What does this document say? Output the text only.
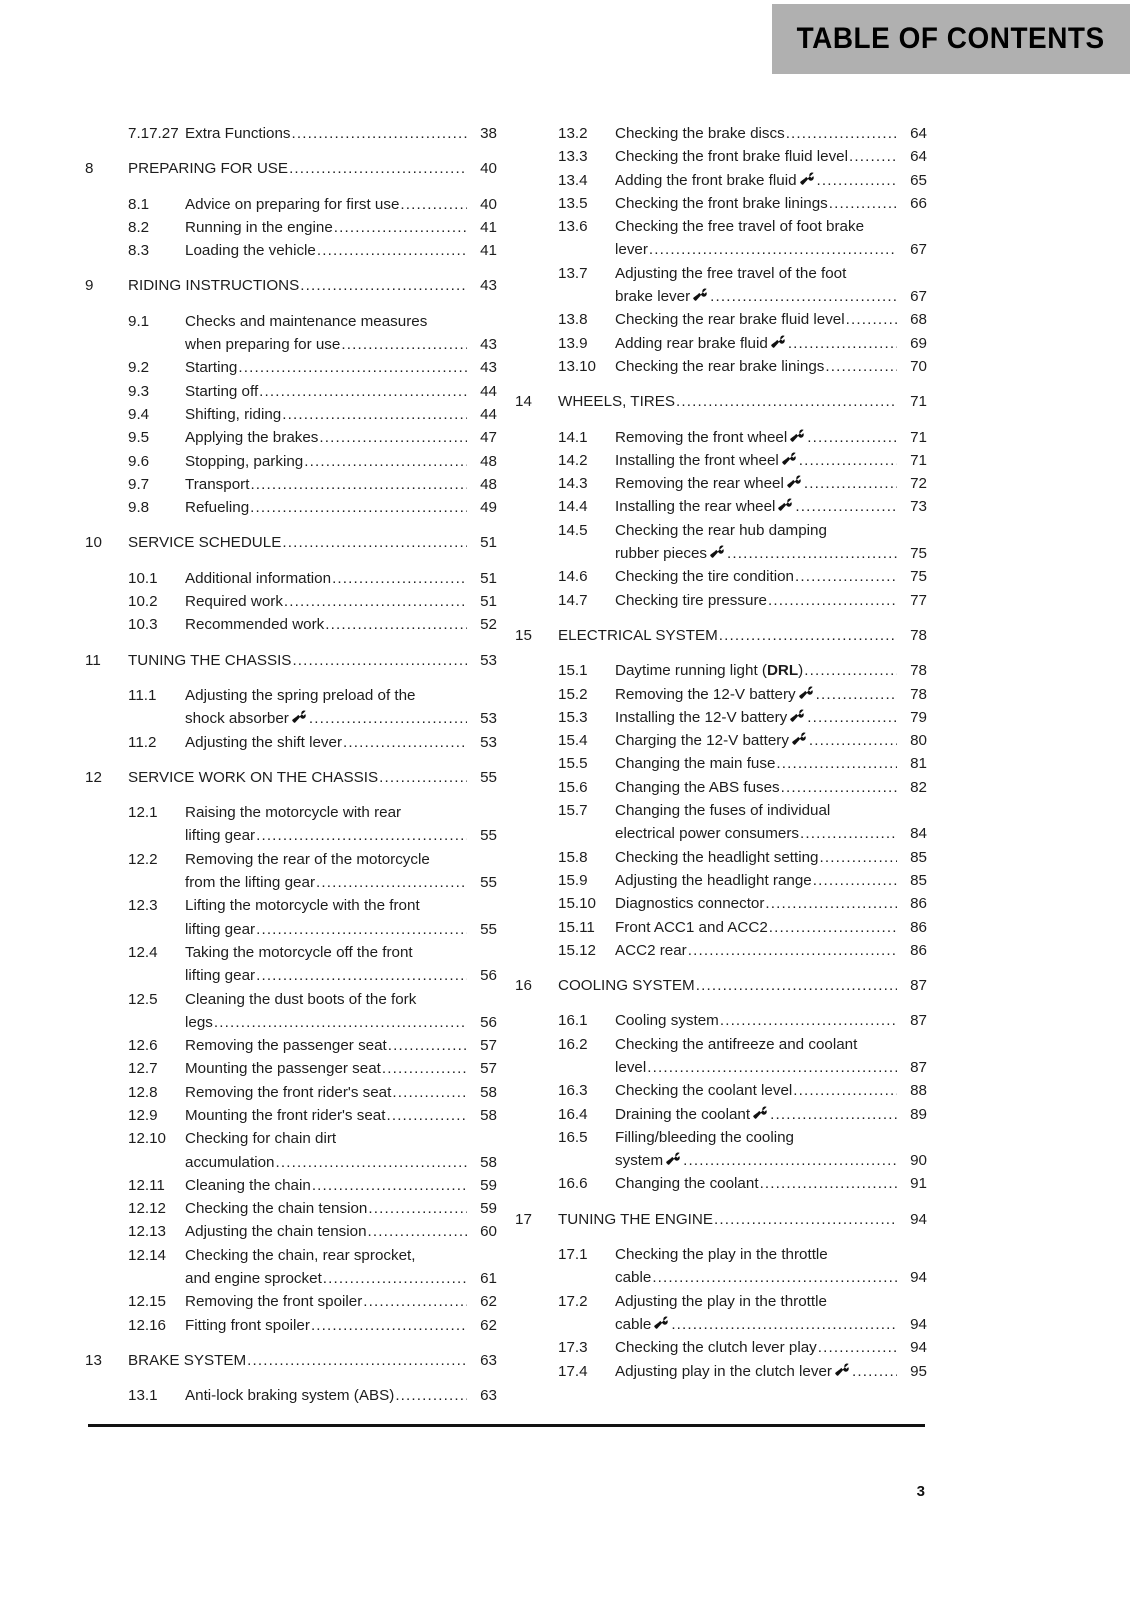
TABLE OF CONTENTS
7.17.27 Extra Functions .....	38
8	PREPARING FOR USE .....	40
8.1	Advice on preparing for first use .....	40
8.2	Running in the engine .....	41
8.3	Loading the vehicle .....	41
9	RIDING INSTRUCTIONS .....	43
9.1	Checks and maintenance measures
when preparing for use .....	43
9.2	Starting .....	43
9.3	Starting off .....	44
9.4	Shifting, riding .....	44
9.5	Applying the brakes .....	47
9.6	Stopping, parking .....	48
9.7	Transport .....	48
9.8	Refueling .....	49
10	SERVICE SCHEDULE .....	51
10.1	Additional information .....	51
10.2	Required work .....	51
10.3	Recommended work .....	52
11	TUNING THE CHASSIS .....	53
11.1	Adjusting the spring preload of the
shock absorber .....	53
11.2	Adjusting the shift lever .....	53
12	SERVICE WORK ON THE CHASSIS .....	55
12.1	Raising the motorcycle with rear
lifting gear .....	55
12.2	Removing the rear of the motorcycle
from the lifting gear .....	55
12.3	Lifting the motorcycle with the front
lifting gear .....	55
12.4	Taking the motorcycle off the front
lifting gear .....	56
12.5	Cleaning the dust boots of the fork
legs .....	56
12.6	Removing the passenger seat .....	57
12.7	Mounting the passenger seat .....	57
12.8	Removing the front rider's seat .....	58
12.9	Mounting the front rider's seat .....	58
12.10	Checking for chain dirt
accumulation .....	58
12.11	Cleaning the chain .....	59
12.12	Checking the chain tension .....	59
12.13	Adjusting the chain tension .....	60
12.14	Checking the chain, rear sprocket,
and engine sprocket .....	61
12.15	Removing the front spoiler .....	62
12.16	Fitting front spoiler .....	62
13	BRAKE SYSTEM .....	63
13.1	Anti-lock braking system (ABS) .....	63
13.2	Checking the brake discs .....	64
13.3	Checking the front brake fluid level .....	64
13.4	Adding the front brake fluid .....	65
13.5	Checking the front brake linings .....	66
13.6	Checking the free travel of foot brake
lever .....	67
13.7	Adjusting the free travel of the foot
brake lever .....	67
13.8	Checking the rear brake fluid level .....	68
13.9	Adding rear brake fluid .....	69
13.10	Checking the rear brake linings .....	70
14	WHEELS, TIRES .....	71
14.1	Removing the front wheel .....	71
14.2	Installing the front wheel .....	71
14.3	Removing the rear wheel .....	72
14.4	Installing the rear wheel .....	73
14.5	Checking the rear hub damping
rubber pieces .....	75
14.6	Checking the tire condition .....	75
14.7	Checking tire pressure .....	77
15	ELECTRICAL SYSTEM .....	78
15.1	Daytime running light (DRL) .....	78
15.2	Removing the 12-V battery .....	78
15.3	Installing the 12-V battery .....	79
15.4	Charging the 12-V battery .....	80
15.5	Changing the main fuse .....	81
15.6	Changing the ABS fuses .....	82
15.7	Changing the fuses of individual
electrical power consumers .....	84
15.8	Checking the headlight setting .....	85
15.9	Adjusting the headlight range .....	85
15.10	Diagnostics connector .....	86
15.11	Front ACC1 and ACC2 .....	86
15.12	ACC2 rear .....	86
16	COOLING SYSTEM .....	87
16.1	Cooling system .....	87
16.2	Checking the antifreeze and coolant
level .....	87
16.3	Checking the coolant level .....	88
16.4	Draining the coolant .....	89
16.5	Filling/bleeding the cooling
system .....	90
16.6	Changing the coolant .....	91
17	TUNING THE ENGINE .....	94
17.1	Checking the play in the throttle
cable .....	94
17.2	Adjusting the play in the throttle
cable .....	94
17.3	Checking the clutch lever play .....	94
17.4	Adjusting play in the clutch lever .....	95
3
